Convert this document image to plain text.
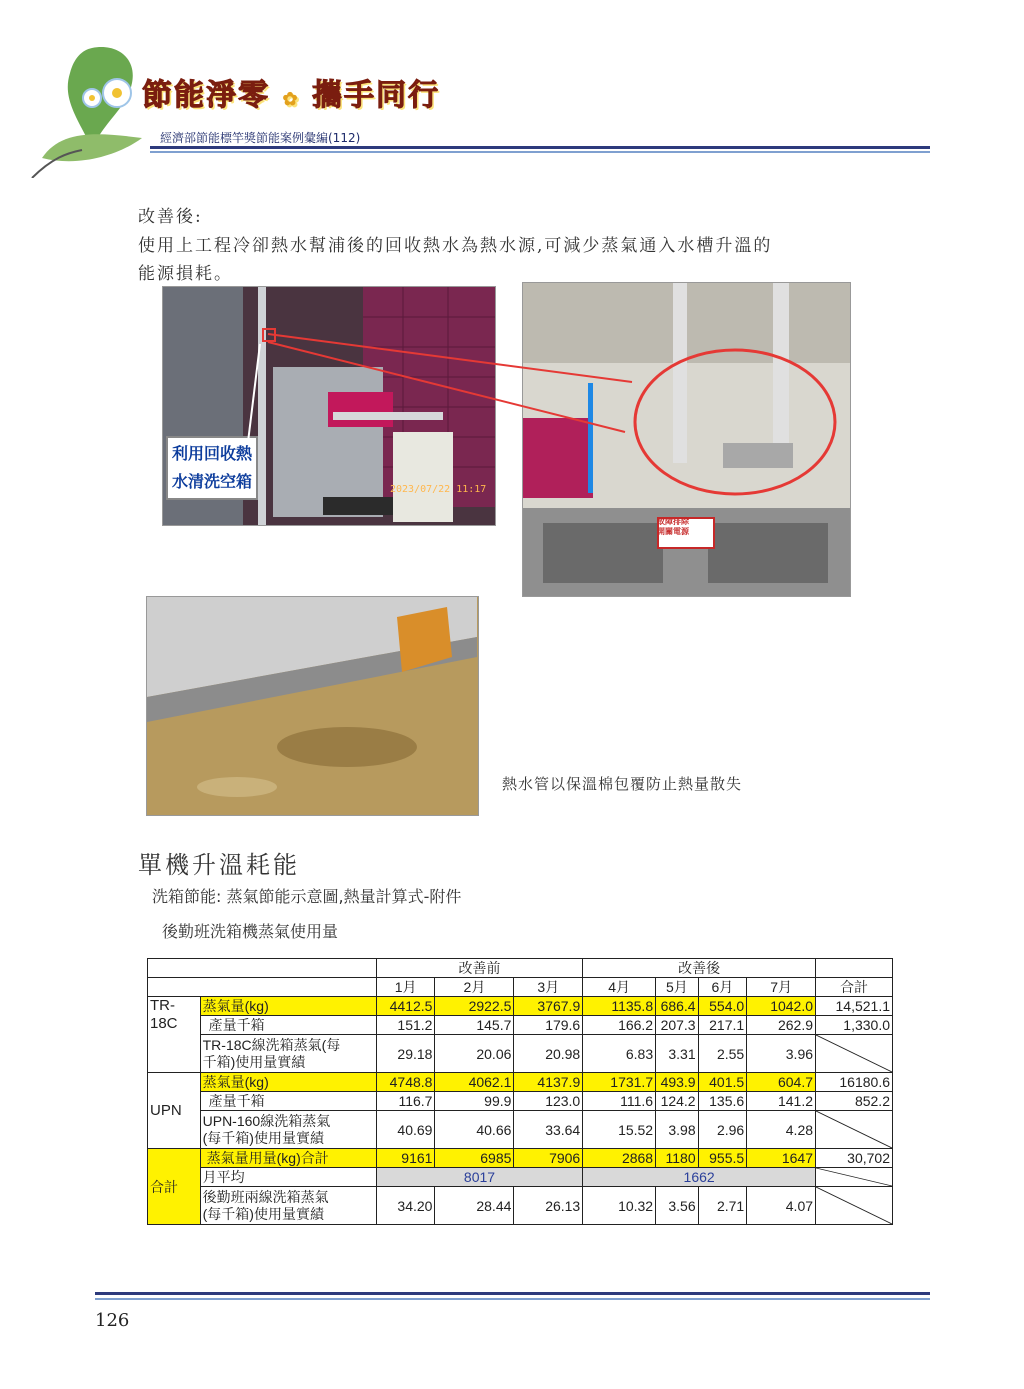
節能淨零 ✿ 攜手同行
經濟部節能標竿獎節能案例彙編(112)
改善後:
使用上工程冷卻熱水幫浦後的回收熱水為熱水源,可減少蒸氣通入水槽升溫的
能源損耗。
利用回收熱
水清洗空箱	2023/07/22 11:17
故障排除
開關電源
熱水管以保溫棉包覆防止熱量散失
單機升溫耗能
洗箱節能: 蒸氣節能示意圖,熱量計算式-附件
後勤班洗箱機蒸氣使用量
		改善前			改善後				
		1月	2月	3月	4月	5月	6月	7月	合計
TR-18C	蒸氣量(kg)	4412.5	2922.5	3767.9	1135.8	686.4	554.0	1042.0	14,521.1
	產量千箱	151.2	145.7	179.6	166.2	207.3	217.1	262.9	1,330.0

	TR-18C線洗箱蒸氣(每
千箱)使用量實績	29.18	20.06	20.98	6.83	3.31	2.55	3.96	

UPN	蒸氣量(kg)	4748.8	4062.1	4137.9	1731.7	493.9	401.5	604.7	16180.6
	產量千箱	116.7	99.9	123.0	111.6	124.2	135.6	141.2	852.2

	UPN-160線洗箱蒸氣
(每千箱)使用量實績	40.69	40.66	33.64	15.52	3.98	2.96	4.28	

合計	蒸氣量用量(kg)合計	9161	6985	7906	2868	1180	955.5	1647	30,702
	月平均	8017			1662	

	後勤班兩線洗箱蒸氣
(每千箱)使用量實績	34.20	28.44	26.13	10.32	3.56	2.71	4.07	
126
